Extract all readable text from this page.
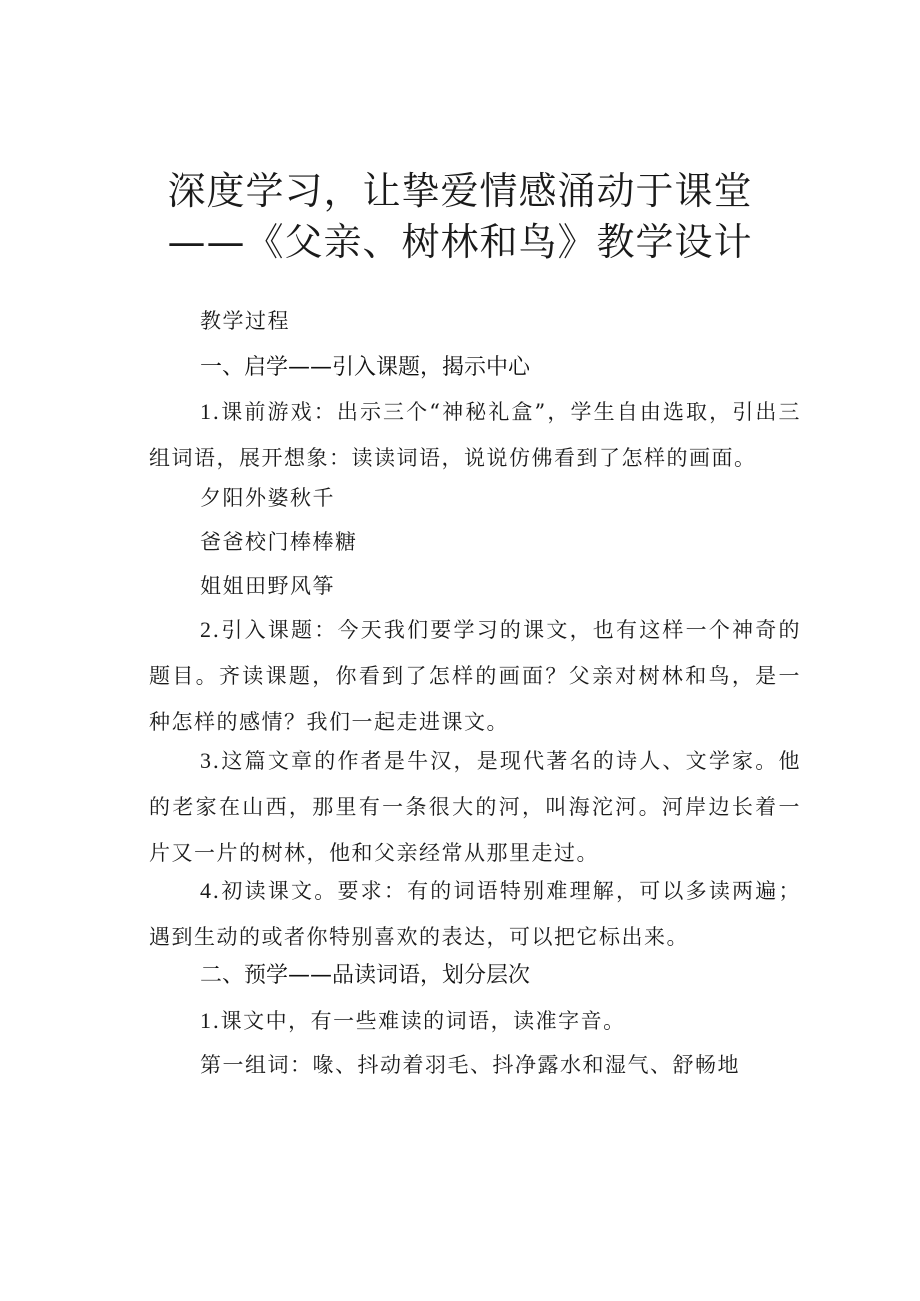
深度学习，让挚爱情感涌动于课堂
——《父亲、树林和鸟》教学设计
教学过程
一、启学——引入课题，揭示中心
1.课前游戏：出示三个“神秘礼盒”，学生自由选取，引出三组词语，展开想象：读读词语，说说仿佛看到了怎样的画面。
夕阳外婆秋千
爸爸校门棒棒糖
姐姐田野风筝
2.引入课题：今天我们要学习的课文，也有这样一个神奇的题目。齐读课题，你看到了怎样的画面？父亲对树林和鸟，是一种怎样的感情？我们一起走进课文。
3.这篇文章的作者是牛汉，是现代著名的诗人、文学家。他的老家在山西，那里有一条很大的河，叫海沱河。河岸边长着一片又一片的树林，他和父亲经常从那里走过。
4.初读课文。要求：有的词语特别难理解，可以多读两遍；遇到生动的或者你特别喜欢的表达，可以把它标出来。
二、预学——品读词语，划分层次
1.课文中，有一些难读的词语，读准字音。
第一组词：喙、抖动着羽毛、抖净露水和湿气、舒畅地
